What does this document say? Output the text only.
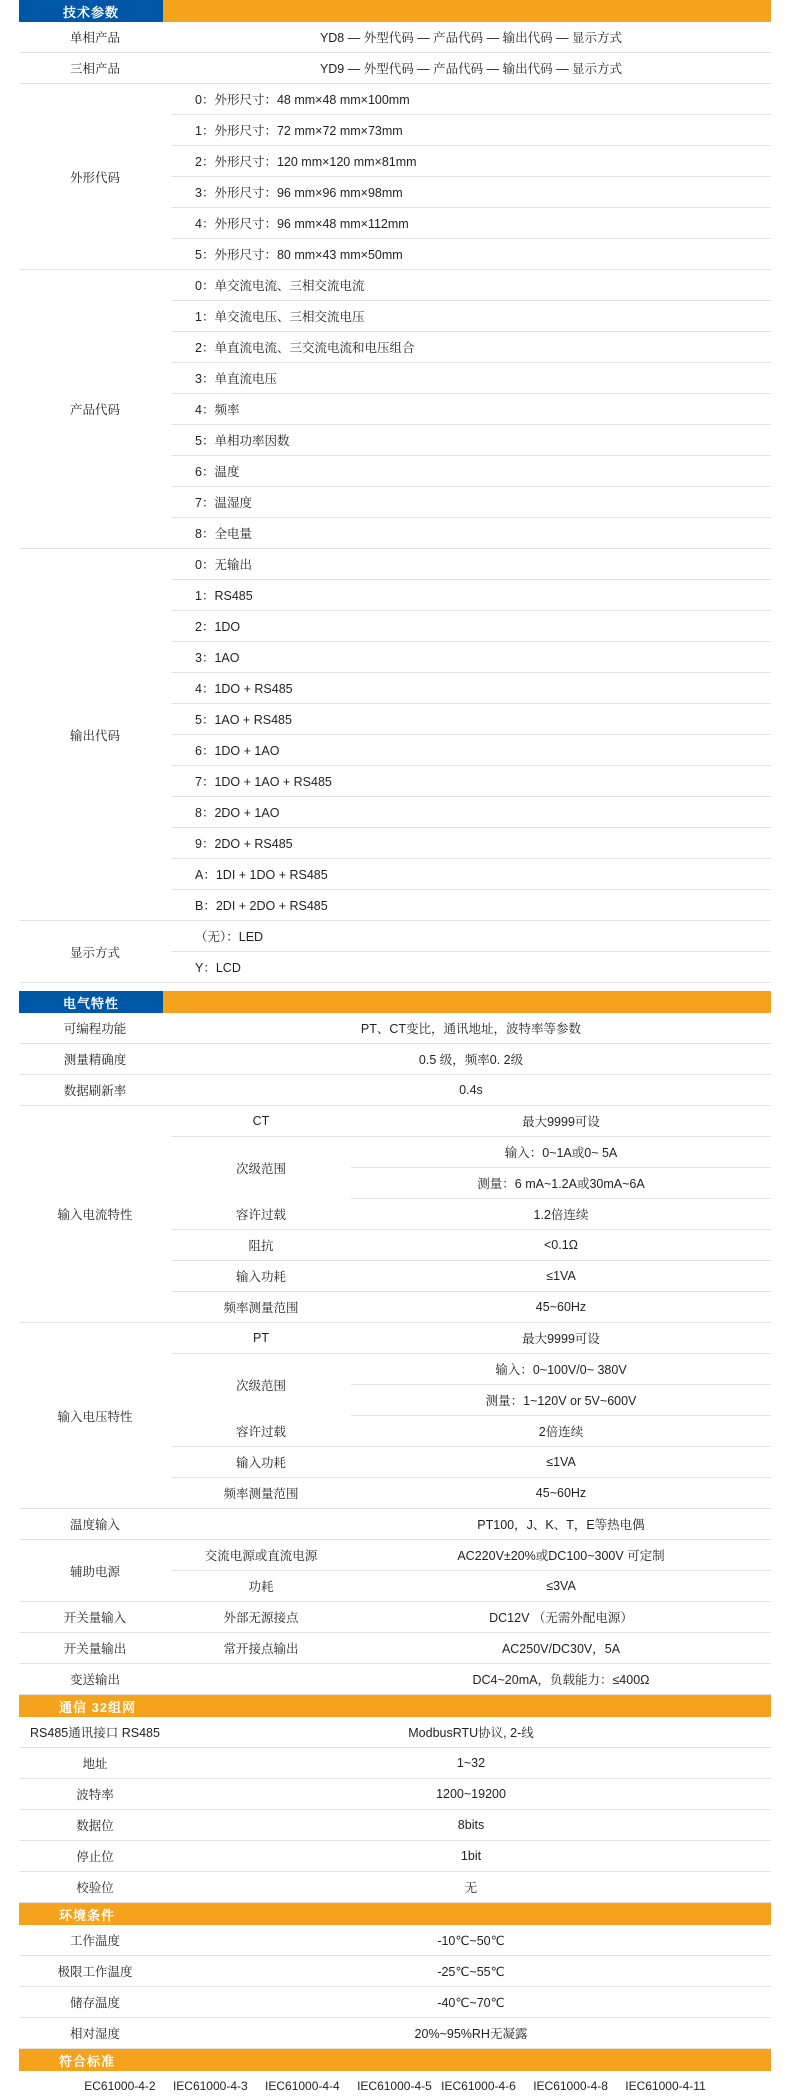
技术参数	

单相产品	YD8 — 外型代码 — 产品代码 — 输出代码 — 显示方式
三相产品	YD9 — 外型代码 — 产品代码 — 输出代码 — 显示方式
外形代码	0：外形尺寸：48 mm×48 mm×100mm
	1：外形尺寸：72 mm×72 mm×73mm
	2：外形尺寸：120 mm×120 mm×81mm
	3：外形尺寸：96 mm×96 mm×98mm
	4：外形尺寸：96 mm×48 mm×112mm
	5：外形尺寸：80 mm×43 mm×50mm
产品代码	0：单交流电流、三相交流电流
	1：单交流电压、三相交流电压
	2：单直流电流、三交流电流和电压组合
	3：单直流电压
	4：频率
	5：单相功率因数
	6：温度
	7：温湿度
	8：全电量
输出代码	0：无输出
	1：RS485
	2：1DO
	3：1AO
	4：1DO + RS485
	5：1AO + RS485
	6：1DO + 1AO
	7：1DO + 1AO + RS485
	8：2DO + 1AO
	9：2DO + RS485
	A：1DI + 1DO + RS485
	B：2DI + 2DO + RS485
显示方式	（无）：LED
	Y：LCD
电气特性		

可编程功能	PT、CT变比，通讯地址，波特率等参数	
测量精确度	0.5 级，频率0. 2级	
数据刷新率	0.4s	
输入电流特性	CT	最大9999可设
	次级范围	输入：0~1A或0~ 5A
		测量：6 mA~1.2A或30mA~6A
	容许过载	1.2倍连续
	阻抗	<0.1Ω
	输入功耗	≤1VA
	频率测量范围	45~60Hz
输入电压特性	PT	最大9999可设
	次级范围	输入：0~100V/0~ 380V
		测量：1~120V or 5V~600V
	容许过载	2倍连续
	输入功耗	≤1VA
	频率测量范围	45~60Hz
温度输入		PT100，J、K、T，E等热电偶
辅助电源	交流电源或直流电源	AC220V±20%或DC100~300V 可定制
	功耗	≤3VA
开关量输入	外部无源接点	DC12V （无需外配电源）
开关量输出	常开接点输出	AC250V/DC30V，5A
变送输出		DC4~20mA，负载能力：≤400Ω
通信 32组网	

RS485通讯接口 RS485	ModbusRTU协议, 2-线
地址	1~32
波特率	1200~19200
数据位	8bits
停止位	1bit
校验位	无
环境条件	

工作温度	-10℃~50℃
极限工作温度	-25℃~55℃
储存温度	-40℃~70℃
相对湿度	20%~95%RH无凝露
符合标准

EC61000-4-2 IEC61000-4-3 IEC61000-4-4 IEC61000-4-5 IEC61000-4-6 IEC61000-4-8 IEC61000-4-11
